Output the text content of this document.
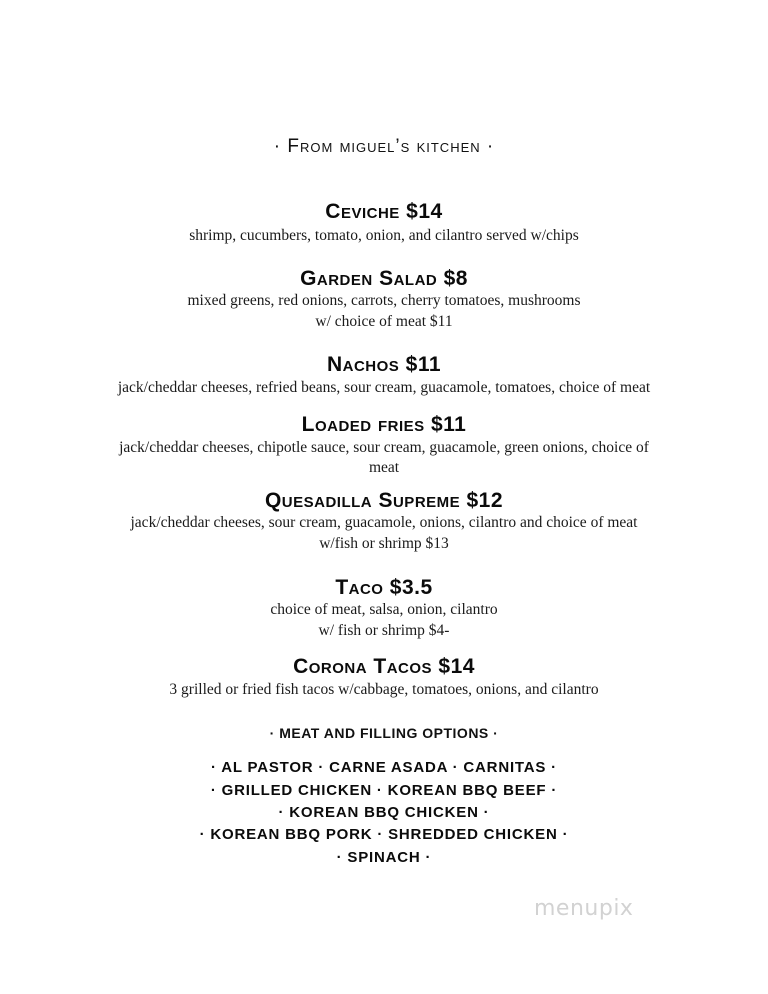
· From miguel’s kitchen ·
Ceviche $14
shrimp, cucumbers, tomato, onion, and cilantro served w/chips
Garden Salad $8
mixed greens, red onions, carrots, cherry tomatoes, mushrooms
w/ choice of meat $11
Nachos $11
jack/cheddar cheeses, refried beans, sour cream, guacamole, tomatoes, choice of meat
Loaded fries $11
jack/cheddar cheeses, chipotle sauce, sour cream, guacamole, green onions, choice of
meat
Quesadilla Supreme $12
jack/cheddar cheeses, sour cream, guacamole, onions, cilantro and choice of meat
w/fish or shrimp $13
Taco $3.5
choice of meat, salsa, onion, cilantro
w/ fish or shrimp $4-
Corona Tacos $14
3 grilled or fried fish tacos w/cabbage, tomatoes, onions, and cilantro
· MEAT AND FILLING OPTIONS ·
· AL PASTOR · CARNE ASADA · CARNITAS ·
· GRILLED CHICKEN · KOREAN BBQ BEEF ·
· KOREAN BBQ CHICKEN ·
· KOREAN BBQ PORK · SHREDDED CHICKEN ·
· SPINACH ·
menupix
